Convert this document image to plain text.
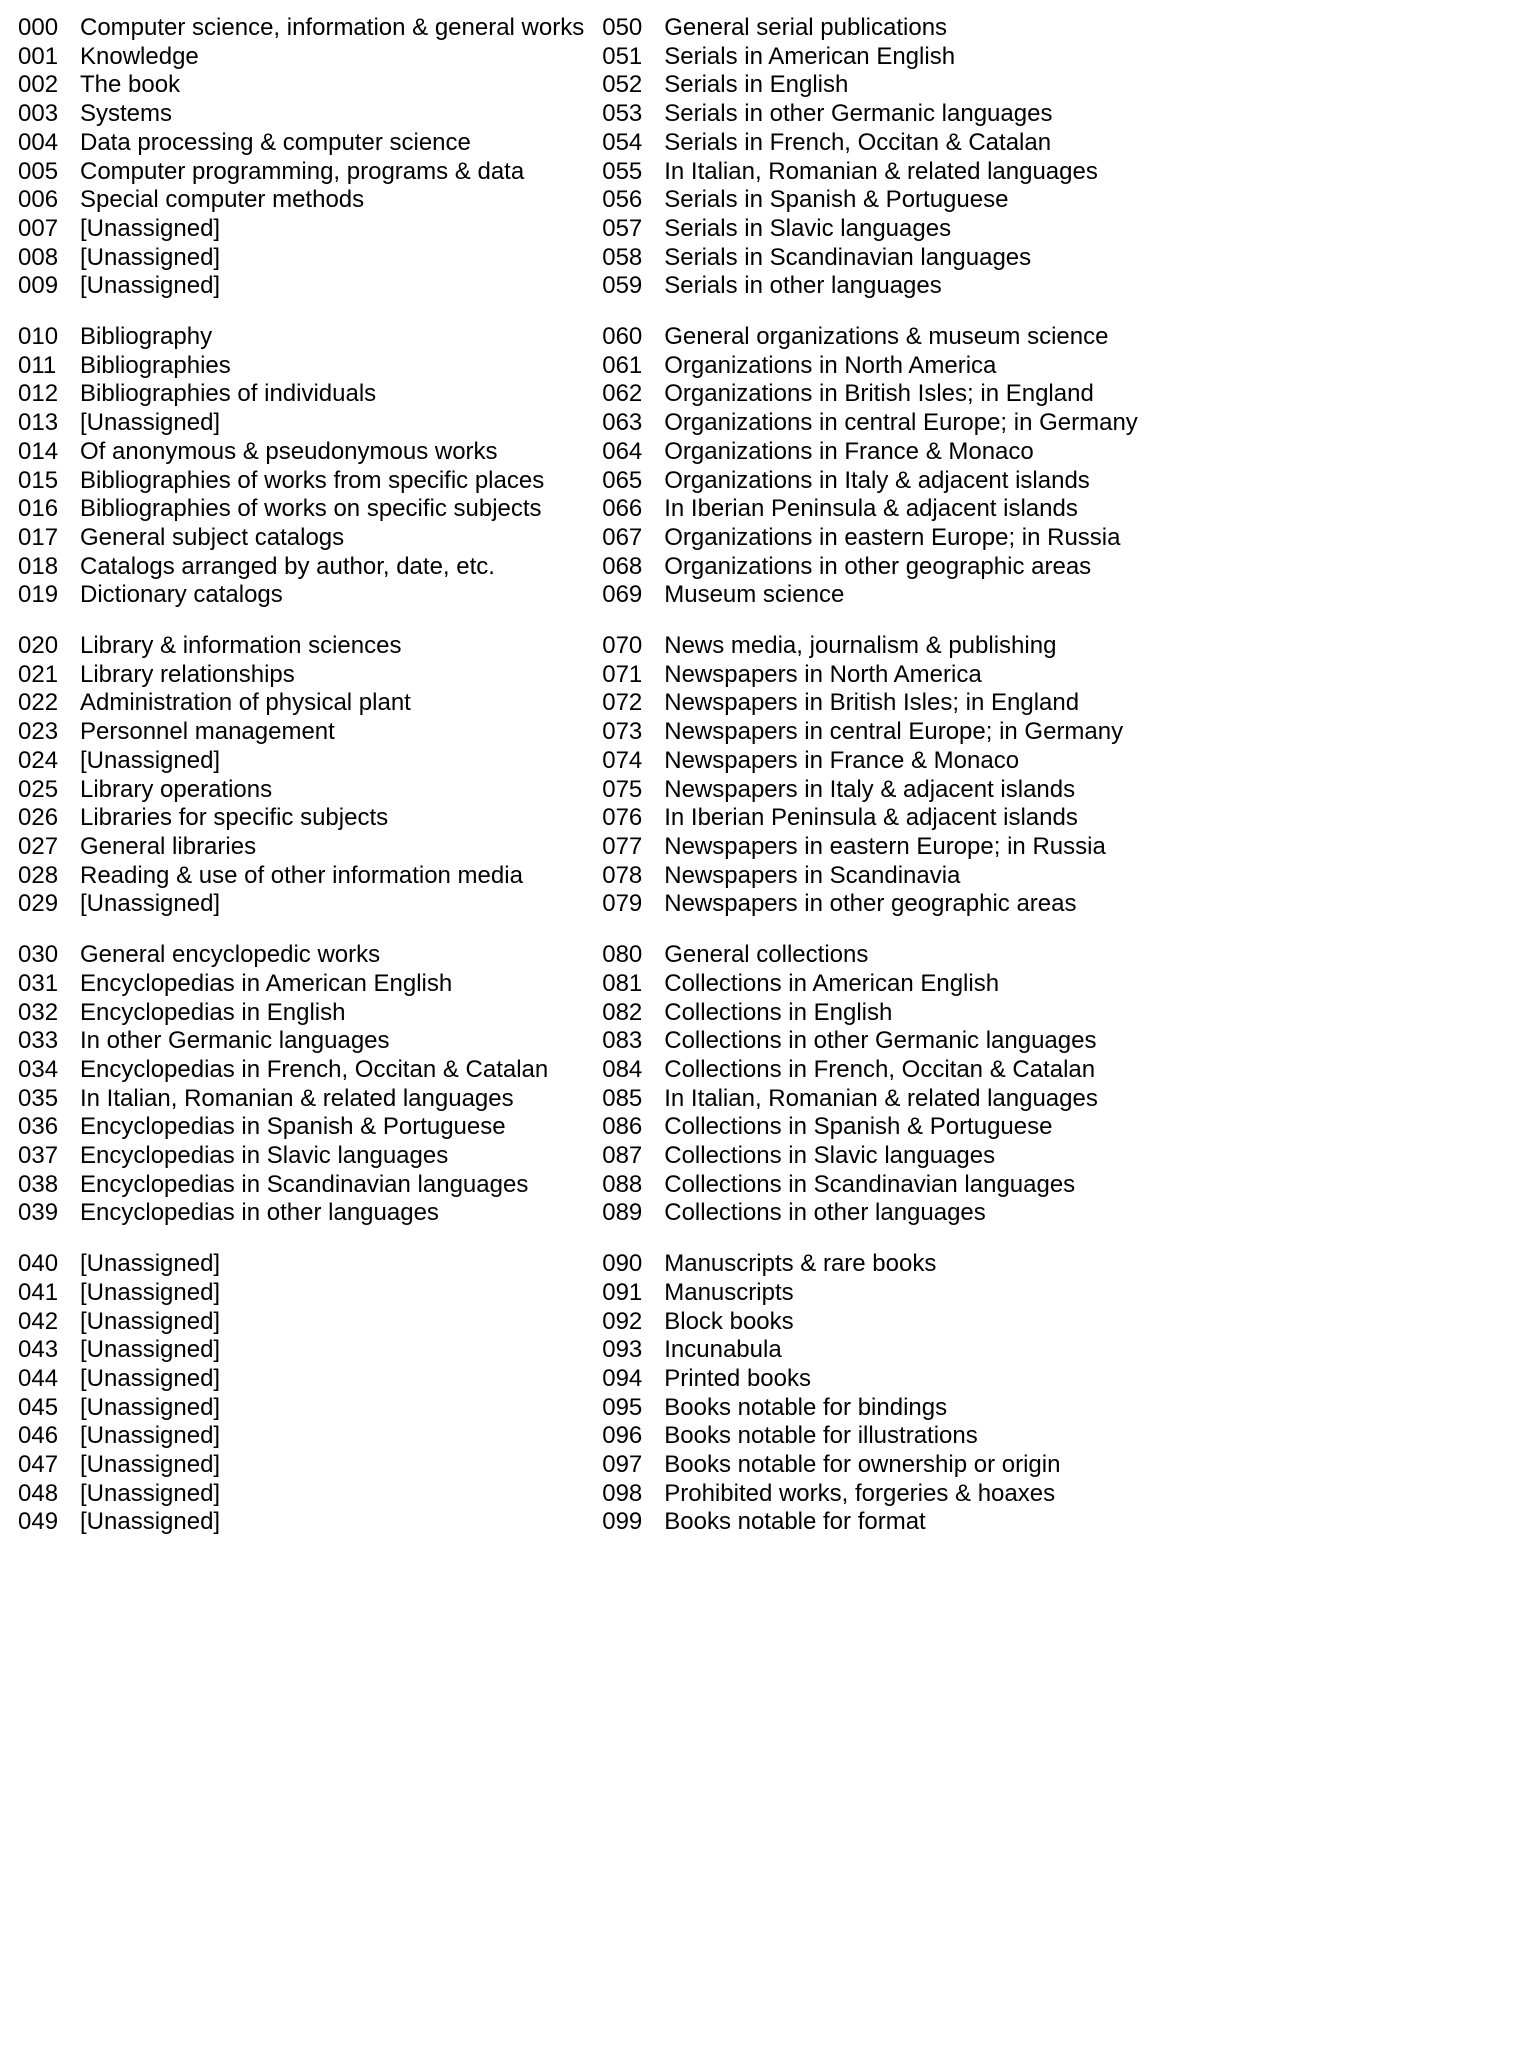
000 Computer science, information & general works
001 Knowledge
002 The book
003 Systems
004 Data processing & computer science
005 Computer programming, programs & data
006 Special computer methods
007 [Unassigned]
008 [Unassigned]
009 [Unassigned]
010 Bibliography
011 Bibliographies
012 Bibliographies of individuals
013 [Unassigned]
014 Of anonymous & pseudonymous works
015 Bibliographies of works from specific places
016 Bibliographies of works on specific subjects
017 General subject catalogs
018 Catalogs arranged by author, date, etc.
019 Dictionary catalogs
020 Library & information sciences
021 Library relationships
022 Administration of physical plant
023 Personnel management
024 [Unassigned]
025 Library operations
026 Libraries for specific subjects
027 General libraries
028 Reading & use of other information media
029 [Unassigned]
030 General encyclopedic works
031 Encyclopedias in American English
032 Encyclopedias in English
033 In other Germanic languages
034 Encyclopedias in French, Occitan & Catalan
035 In Italian, Romanian & related languages
036 Encyclopedias in Spanish & Portuguese
037 Encyclopedias in Slavic languages
038 Encyclopedias in Scandinavian languages
039 Encyclopedias in other languages
040 [Unassigned]
041 [Unassigned]
042 [Unassigned]
043 [Unassigned]
044 [Unassigned]
045 [Unassigned]
046 [Unassigned]
047 [Unassigned]
048 [Unassigned]
049 [Unassigned]
050 General serial publications
051 Serials in American English
052 Serials in English
053 Serials in other Germanic languages
054 Serials in French, Occitan & Catalan
055 In Italian, Romanian & related languages
056 Serials in Spanish & Portuguese
057 Serials in Slavic languages
058 Serials in Scandinavian languages
059 Serials in other languages
060 General organizations & museum science
061 Organizations in North America
062 Organizations in British Isles; in England
063 Organizations in central Europe; in Germany
064 Organizations in France & Monaco
065 Organizations in Italy & adjacent islands
066 In Iberian Peninsula & adjacent islands
067 Organizations in eastern Europe; in Russia
068 Organizations in other geographic areas
069 Museum science
070 News media, journalism & publishing
071 Newspapers in North America
072 Newspapers in British Isles; in England
073 Newspapers in central Europe; in Germany
074 Newspapers in France & Monaco
075 Newspapers in Italy & adjacent islands
076 In Iberian Peninsula & adjacent islands
077 Newspapers in eastern Europe; in Russia
078 Newspapers in Scandinavia
079 Newspapers in other geographic areas
080 General collections
081 Collections in American English
082 Collections in English
083 Collections in other Germanic languages
084 Collections in French, Occitan & Catalan
085 In Italian, Romanian & related languages
086 Collections in Spanish & Portuguese
087 Collections in Slavic languages
088 Collections in Scandinavian languages
089 Collections in other languages
090 Manuscripts & rare books
091 Manuscripts
092 Block books
093 Incunabula
094 Printed books
095 Books notable for bindings
096 Books notable for illustrations
097 Books notable for ownership or origin
098 Prohibited works, forgeries & hoaxes
099 Books notable for format
